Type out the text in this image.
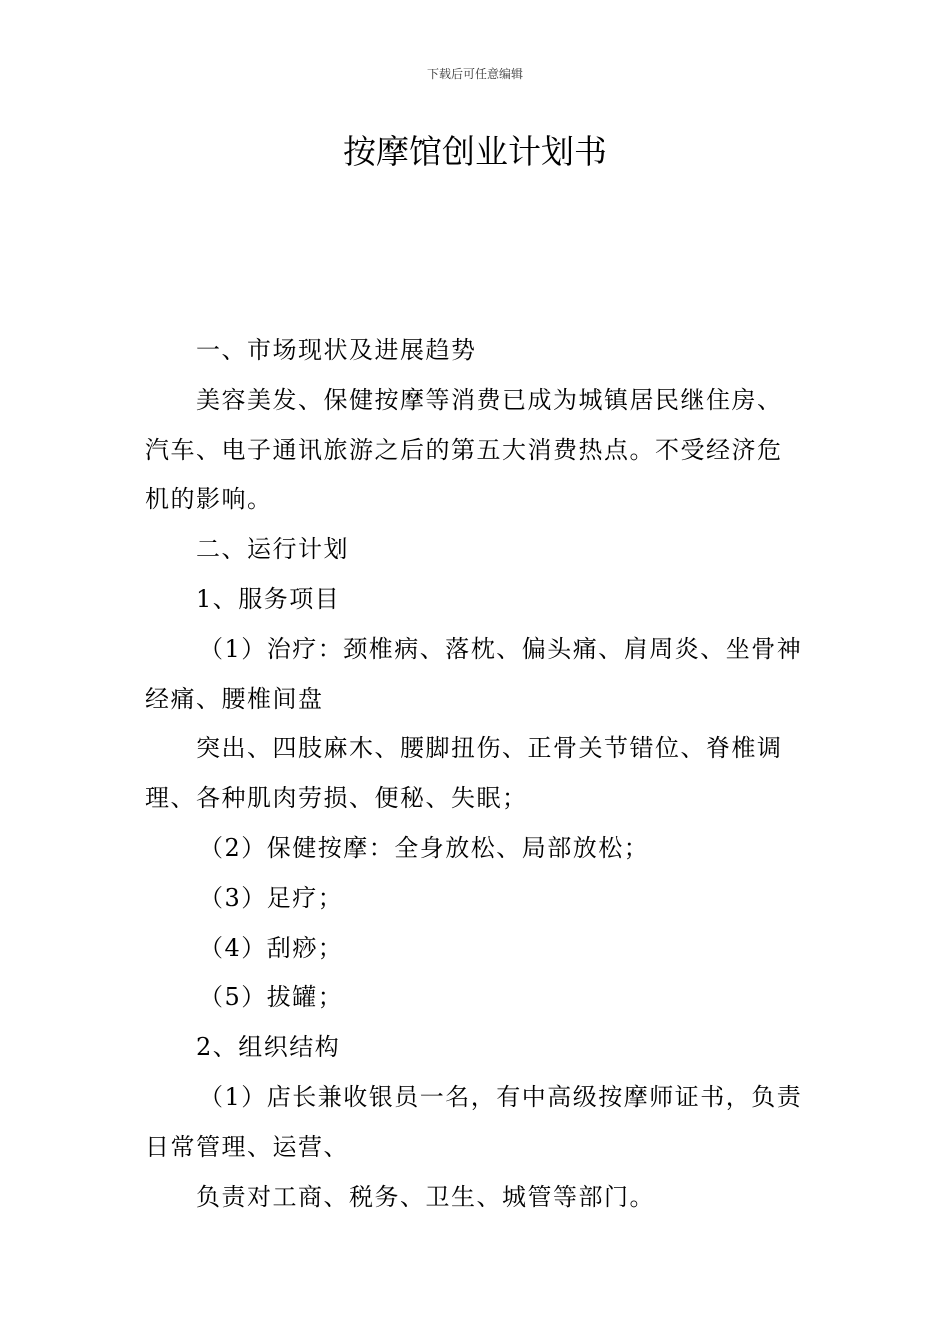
下载后可任意编辑
按摩馆创业计划书

一、市场现状及进展趋势

美容美发、保健按摩等消费已成为城镇居民继住房、汽车、电子通讯旅游之后的第五大消费热点。不受经济危机的影响。

二、运行计划

1、服务项目

（1）治疗：颈椎病、落枕、偏头痛、肩周炎、坐骨神经痛、腰椎间盘

突出、四肢麻木、腰脚扭伤、正骨关节错位、脊椎调理、各种肌肉劳损、便秘、失眠；

（2）保健按摩：全身放松、局部放松；

（3）足疗；

（4）刮痧；

（5）拔罐；

2、组织结构

（1）店长兼收银员一名，有中高级按摩师证书，负责日常管理、运营、

负责对工商、税务、卫生、城管等部门。
